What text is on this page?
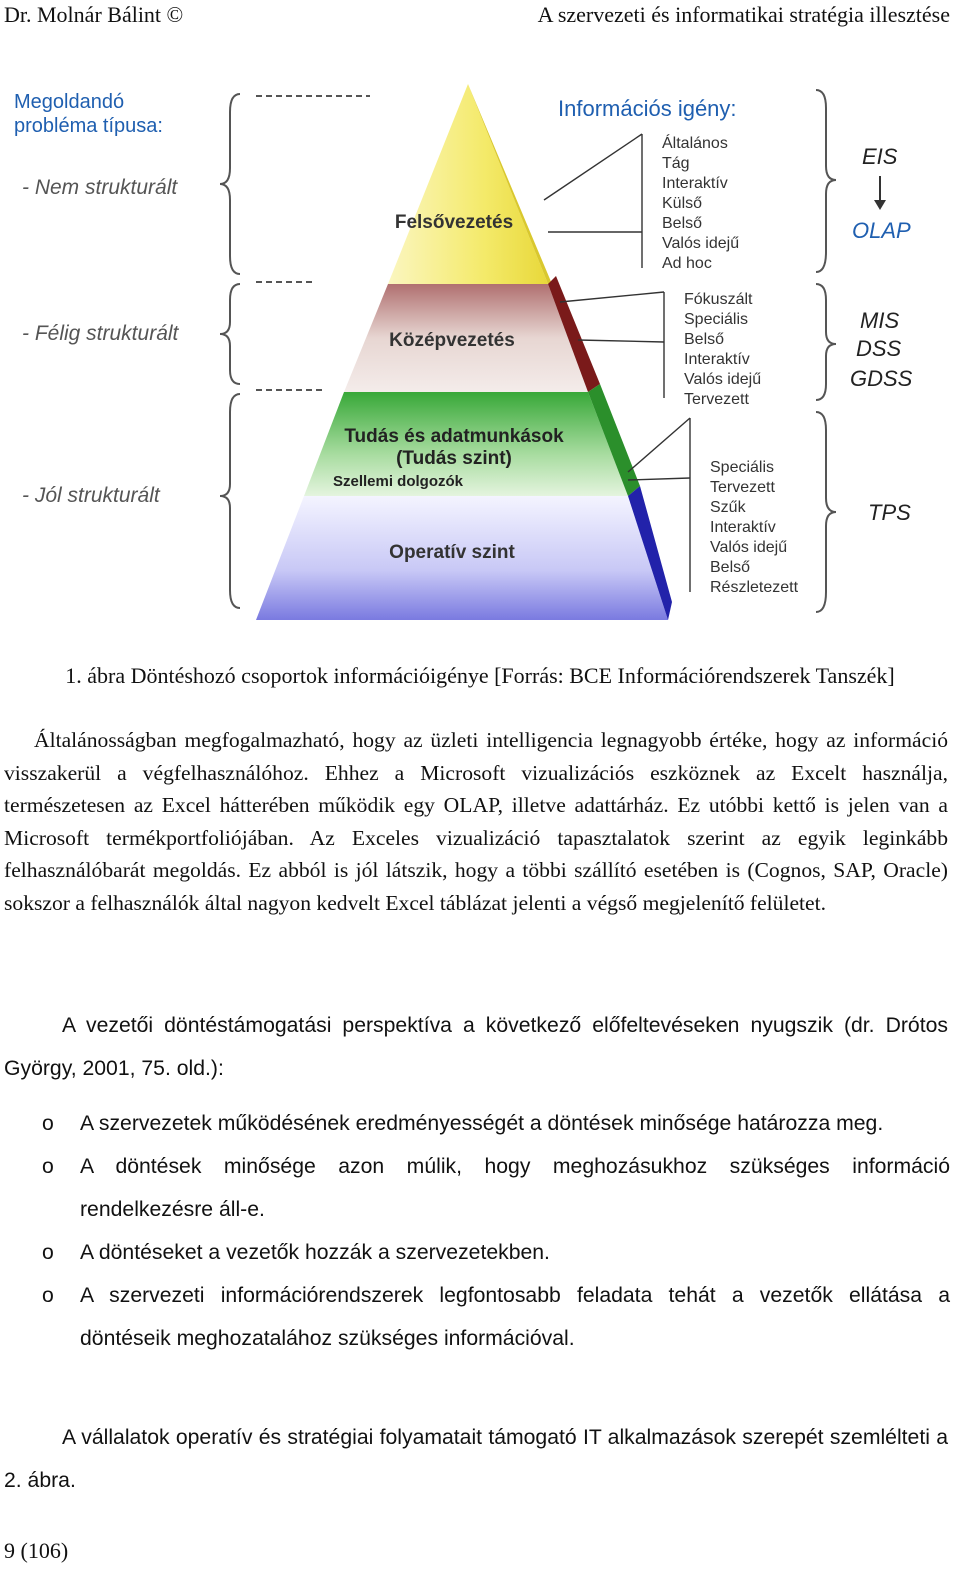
Dr. Molnár Bálint ©	A szervezeti és informatikai stratégia illesztése
Felsővezetés
Középvezetés
Tudás és adatmunkások
(Tudás szint)
Szellemi dolgozók
Operatív szint
Megoldandó probléma típusa:
- Nem strukturált
- Félig strukturált
- Jól strukturált
Információs igény:
Általános
Tág
Interaktív
Külső
Belső
Valós idejű
Ad hoc
Fókuszált
Speciális
Belső
Interaktív
Valós idejű
Tervezett
Speciális
Tervezett
Szűk
Interaktív
Valós idejű
Belső
Részletezett
EIS
OLAP
MIS
DSS
GDSS
TPS
1. ábra Döntéshozó csoportok információigénye [Forrás: BCE Információrendszerek Tanszék]
Általánosságban megfogalmazható, hogy az üzleti intelligencia legnagyobb értéke, hogy az információ visszakerül a végfelhasználóhoz. Ehhez a Microsoft vizualizációs eszköznek az Excelt használja, természetesen az Excel hátterében működik egy OLAP, illetve adattárház. Ez utóbbi kettő is jelen van a Microsoft termékportfoliójában. Az Exceles vizualizáció tapasztalatok szerint az egyik leginkább felhasználóbarát megoldás. Ez abból is jól látszik, hogy a többi szállító esetében is (Cognos, SAP, Oracle) sokszor a felhasználók által nagyon kedvelt Excel táblázat jelenti a végső megjelenítő felületet.
A vezetői döntéstámogatási perspektíva a következő előfeltevéseken nyugszik (dr. Drótos György, 2001, 75. old.):
o A szervezetek működésének eredményességét a döntések minősége határozza meg.
o A döntések minősége azon múlik, hogy meghozásukhoz szükséges információ rendelkezésre áll-e.
o A döntéseket a vezetők hozzák a szervezetekben.
o A szervezeti információrendszerek legfontosabb feladata tehát a vezetők ellátása a döntéseik meghozatalához szükséges információval.
A vállalatok operatív és stratégiai folyamatait támogató IT alkalmazások szerepét szemlélteti a 2. ábra.
9 (106)
